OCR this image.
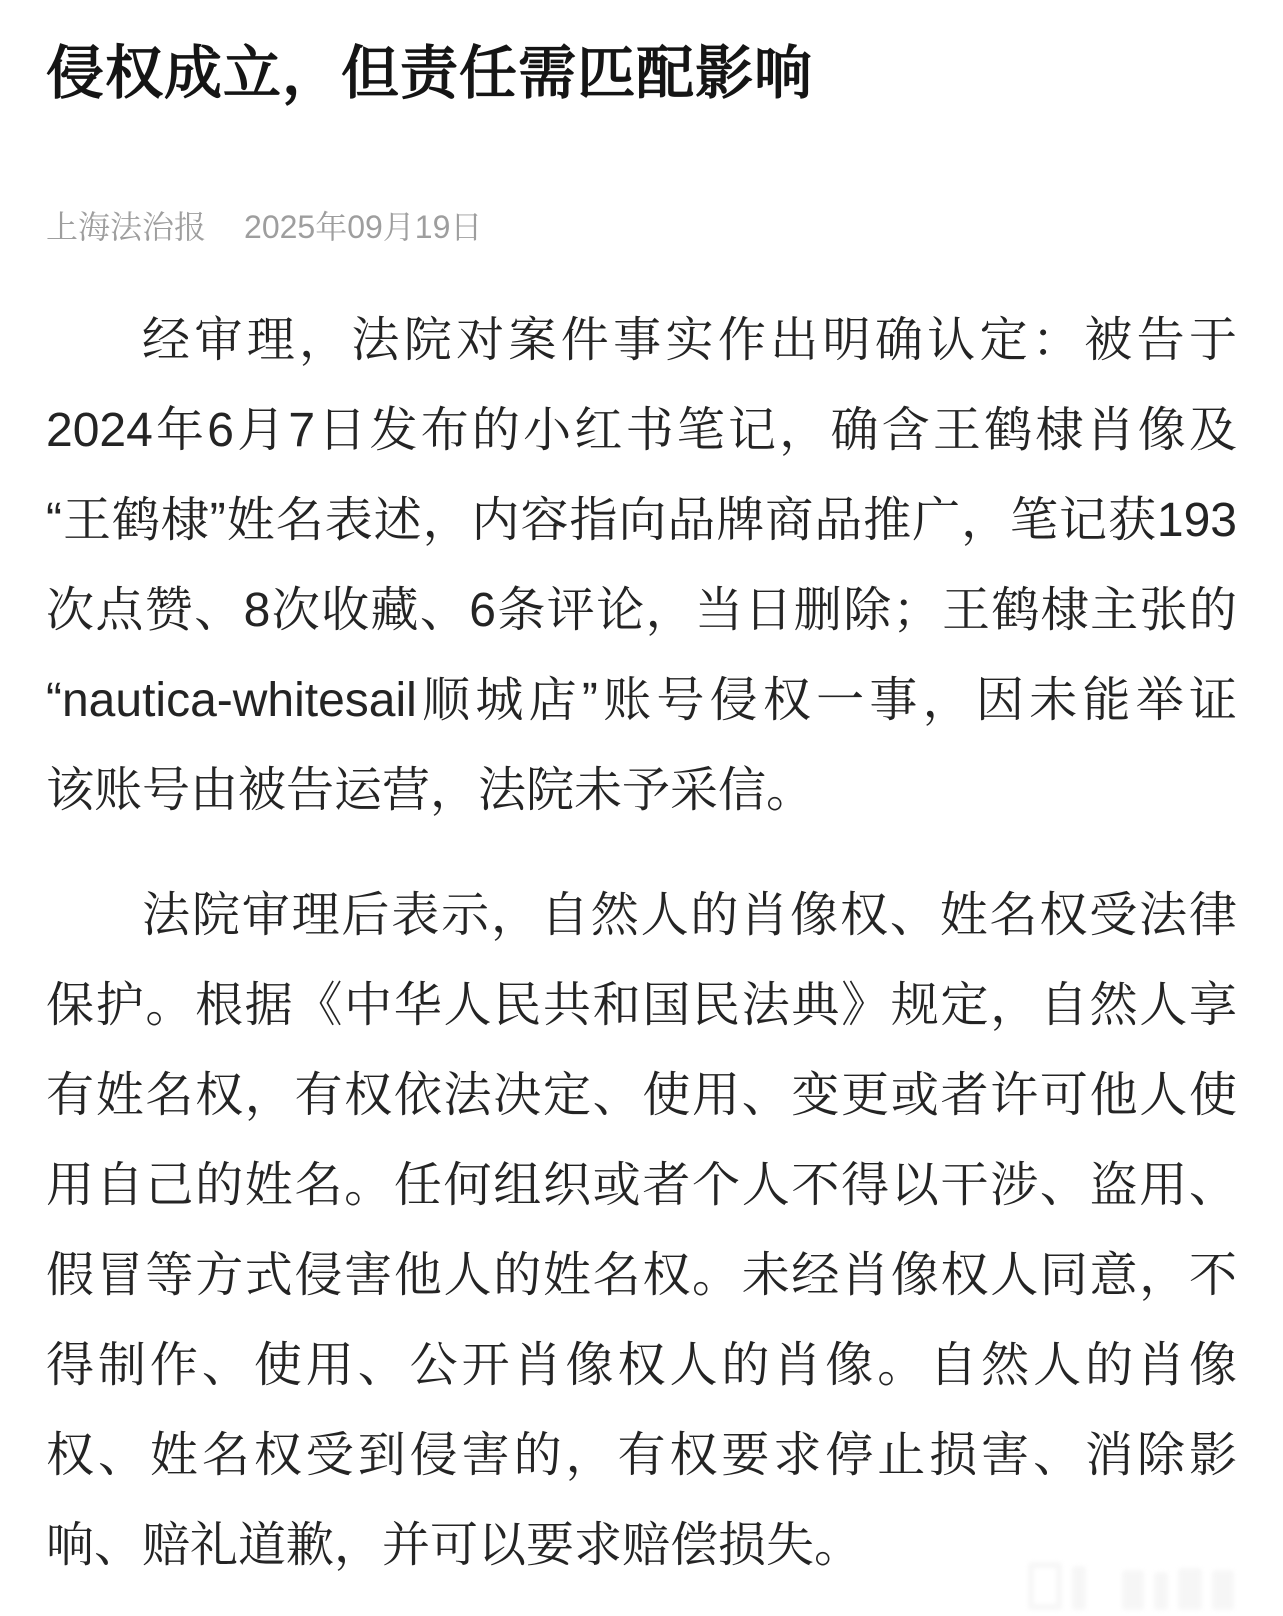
侵权成立，但责任需匹配影响
上海法治报 2025年09月19日
经审理，法院对案件事实作出明确认定：被告于
2024年6月7日发布的小红书笔记，确含王鹤棣肖像及
“王鹤棣”姓名表述，内容指向品牌商品推广，笔记获193
次点赞、8次收藏、6条评论，当日删除；王鹤棣主张的
“nautica-whitesail顺城店”账号侵权一事，因未能举证
该账号由被告运营，法院未予采信。
法院审理后表示，自然人的肖像权、姓名权受法律
保护。根据《中华人民共和国民法典》规定，自然人享
有姓名权，有权依法决定、使用、变更或者许可他人使
用自己的姓名。任何组织或者个人不得以干涉、盗用、
假冒等方式侵害他人的姓名权。未经肖像权人同意，不
得制作、使用、公开肖像权人的肖像。自然人的肖像
权、姓名权受到侵害的，有权要求停止损害、消除影
响、赔礼道歉，并可以要求赔偿损失。
